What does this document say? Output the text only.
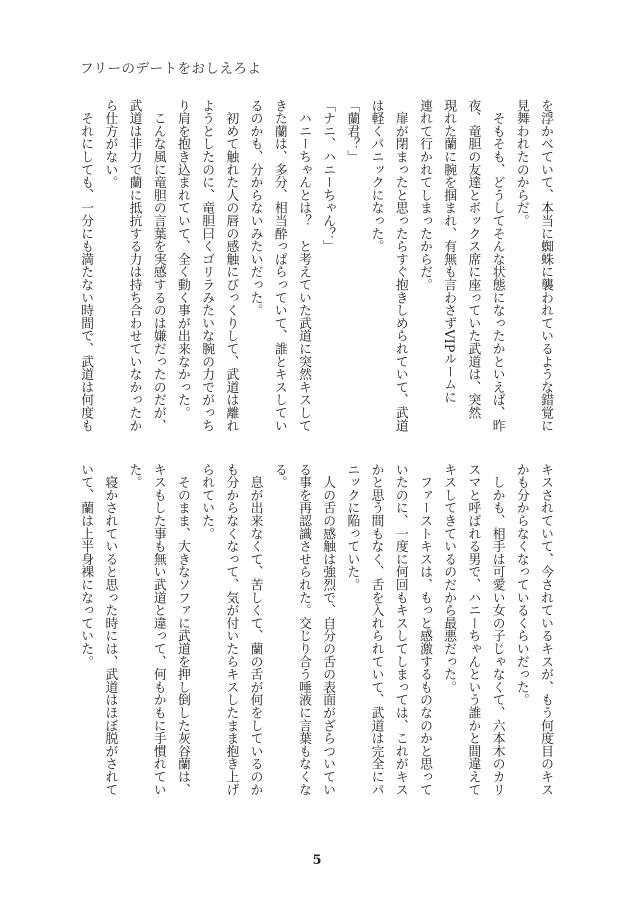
フリーのデートをおしえろよ
を浮かべていて、本当に蜘蛛に襲われているような錯覚に
見舞われたのからだ。
　そもそも、どうしてそんな状態になったかといえば、昨
夜、竜胆の友達とボックス席に座っていた武道は、突然
現れた蘭に腕を掴まれ、有無も言わさずVIPルームに
連れて行かれてしまったからだ。
　扉が閉まったと思ったらすぐ抱きしめられていて、武道
は軽くパニックになった。
「蘭君？」
「ナニ、ハニーちゃん？」
　ハニーちゃんとは？　と考えていた武道に突然キスして
きた蘭は、多分、相当酔っぱらっていて、誰とキスしてい
るのかも、分からないみたいだった。
　初めて触れた人の唇の感触にびっくりして、武道は離れ
ようとしたのに、竜胆曰くゴリラみたいな腕の力でがっち
り肩を抱き込まれていて、全く動く事が出来なかった。
　こんな風に竜胆の言葉を実感するのは嫌だったのだが、
武道は非力で蘭に抵抗する力は持ち合わせていなかったか
ら仕方がない。
　それにしても、一分にも満たない時間で、武道は何度も
キスされていて、今されているキスが、もう何度目のキス
かも分からなくなっているくらいだった。
　しかも、相手は可愛い女の子じゃなくて、六本木のカリ
スマと呼ばれる男で、ハニーちゃんという誰かと間違えて
キスしてきているのだから最悪だった。
　ファーストキスは、もっと感激するものなのかと思って
いたのに、一度に何回もキスしてしまっては、これがキス
かと思う間もなく、舌を入れられていて、武道は完全にパ
ニックに陥っていた。
　人の舌の感触は強烈で、自分の舌の表面がざらついてい
る事を再認識させられた。交じり合う唾液に言葉もなくな
る。
　息が出来なくて、苦しくて、蘭の舌が何をしているのか
も分からなくなって、気が付いたらキスしたまま抱き上げ
られていた。
　そのまま、大きなソファに武道を押し倒した灰谷蘭は、
キスもした事も無い武道と違って、何もかもに手慣れてい
た。
　寝かされていると思った時には、武道はほぼ脱がされて
いて、蘭は上半身裸になっていた。
5
